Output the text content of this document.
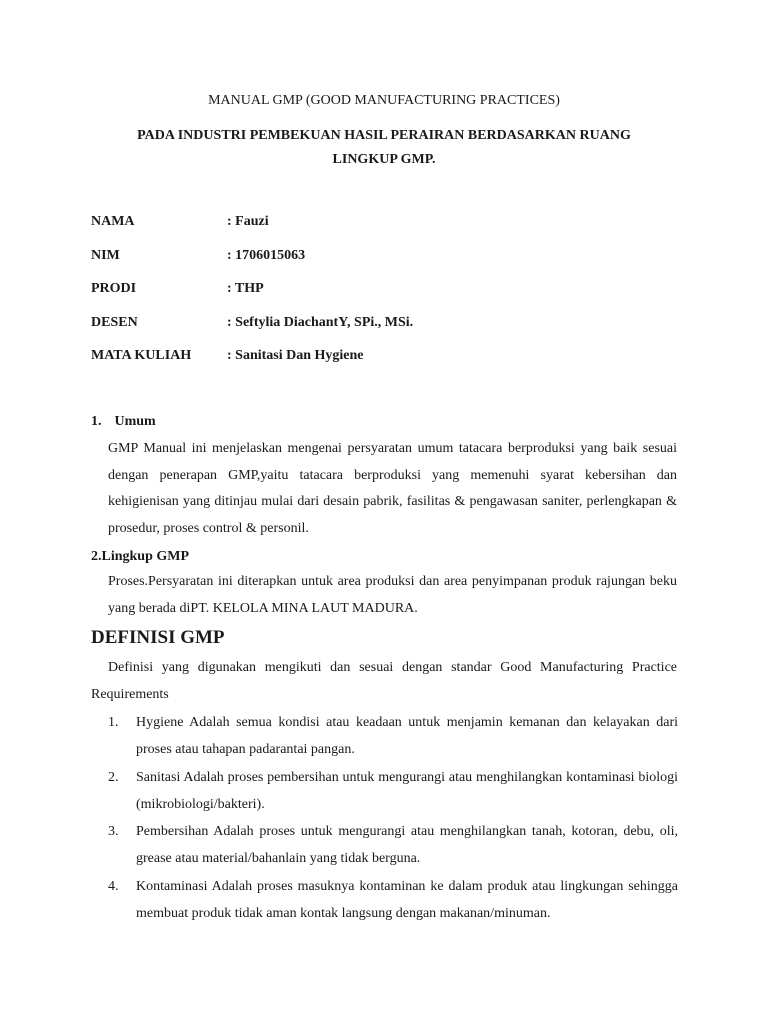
MANUAL GMP (GOOD MANUFACTURING PRACTICES)
PADA INDUSTRI PEMBEKUAN HASIL PERAIRAN BERDASARKAN RUANG
LINGKUP GMP.
NAMA	: Fauzi
NIM	: 1706015063
PRODI	: THP
DESEN	: Seftylia DiachantY, SPi., MSi.
MATA KULIAH	: Sanitasi Dan Hygiene
1. Umum
GMP Manual ini menjelaskan mengenai persyaratan umum tatacara berproduksi yang baik sesuai dengan penerapan GMP,yaitu tatacara berproduksi yang memenuhi syarat kebersihan dan kehigienisan yang ditinjau mulai dari desain pabrik, fasilitas & pengawasan saniter, perlengkapan & prosedur, proses control & personil.
2.Lingkup GMP
Proses.Persyaratan ini diterapkan untuk area produksi dan area penyimpanan produk rajungan beku yang berada diPT. KELOLA MINA LAUT MADURA.
DEFINISI GMP
Definisi yang digunakan mengikuti dan sesuai dengan standar Good Manufacturing Practice Requirements
1.	Hygiene Adalah semua kondisi atau keadaan untuk menjamin kemanan dan kelayakan dari proses atau tahapan padarantai pangan.
2.	Sanitasi Adalah proses pembersihan untuk mengurangi atau menghilangkan kontaminasi biologi (mikrobiologi/bakteri).
3.	Pembersihan Adalah proses untuk mengurangi atau menghilangkan tanah, kotoran, debu, oli, grease atau material/bahanlain yang tidak berguna.
4.	Kontaminasi Adalah proses masuknya kontaminan ke dalam produk atau lingkungan sehingga membuat produk tidak aman kontak langsung dengan makanan/minuman.
